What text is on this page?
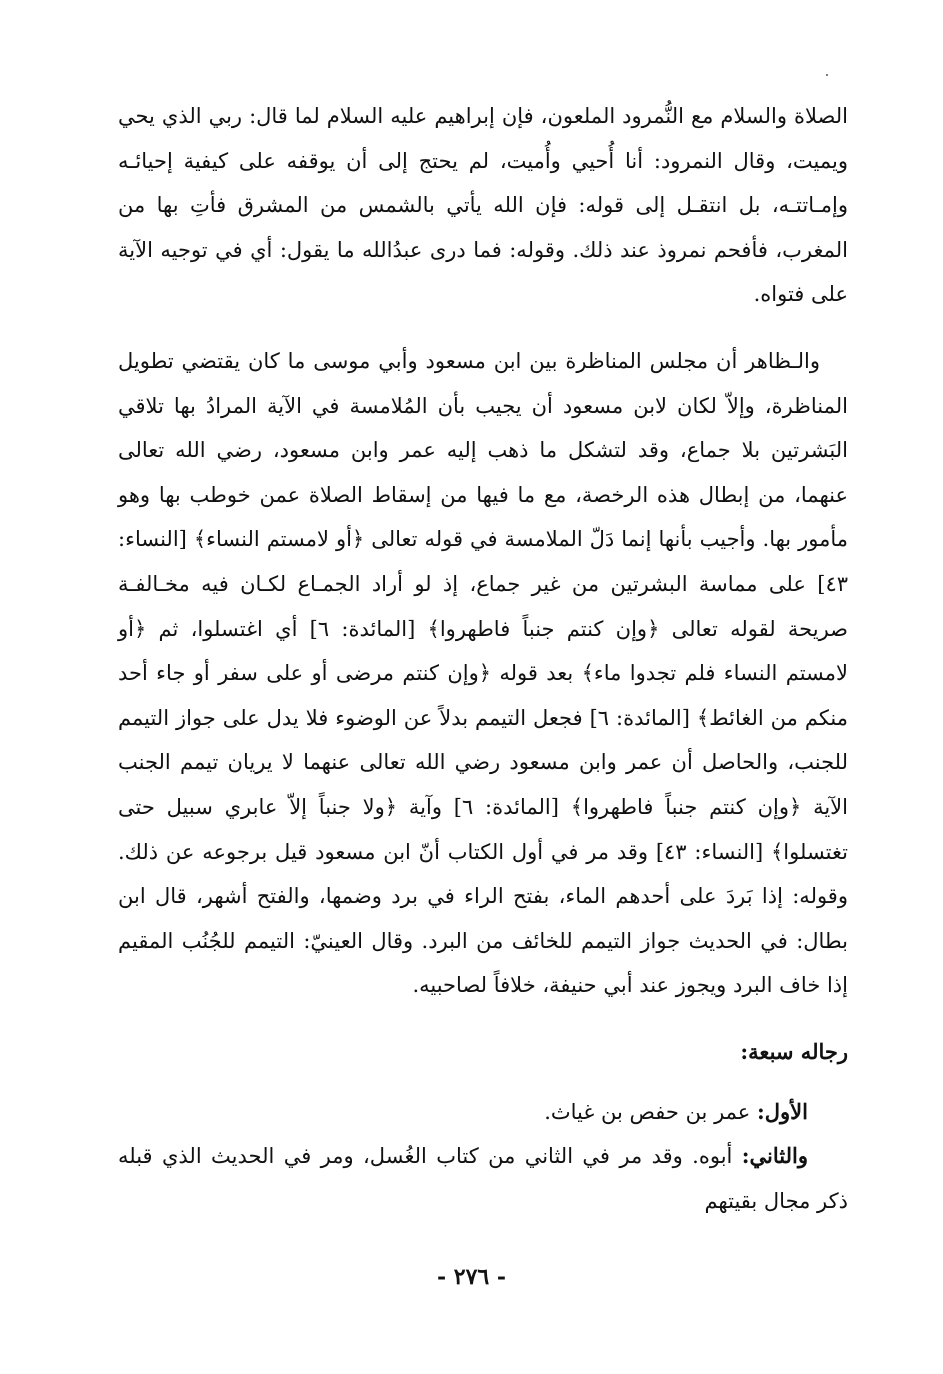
الصلاة والسلام مع النُّمرود الملعون، فإن إبراهيم عليه السلام لما قال: ربي الذي يحي ويميت، وقال النمرود: أنا أُحيي وأُميت، لم يحتج إلى أن يوقفه على كيفية إحيائـه وإمـاتتـه، بل انتقـل إلى قوله: فإن الله يأتي بالشمس من المشرق فأتِ بها من المغرب، فأفحم نمروذ عند ذلك. وقوله: فما درى عبدُالله ما يقول: أي في توجيه الآية على فتواه.

والـظاهر أن مجلس المناظرة بين ابن مسعود وأبي موسى ما كان يقتضي تطويل المناظرة، وإلاّ لكان لابن مسعود أن يجيب بأن المُلامسة في الآية المرادُ بها تلاقي البَشرتين بلا جماع، وقد لتشكل ما ذهب إليه عمر وابن مسعود، رضي الله تعالى عنهما، من إبطال هذه الرخصة، مع ما فيها من إسقاط الصلاة عمن خوطب بها وهو مأمور بها. وأجيب بأنها إنما دَلّ الملامسة في قوله تعالى ﴿أو لامستم النساء﴾ [النساء: ٤٣] على مماسة البشرتين من غير جماع، إذ لو أراد الجمـاع لكـان فيه مخـالفـة صريحة لقوله تعالى ﴿وإن كنتم جنباً فاطهروا﴾ [المائدة: ٦] أي اغتسلوا، ثم ﴿أو لامستم النساء فلم تجدوا ماء﴾ بعد قوله ﴿وإن كنتم مرضى أو على سفر أو جاء أحد منكم من الغائط﴾ [المائدة: ٦] فجعل التيمم بدلاً عن الوضوء فلا يدل على جواز التيمم للجنب، والحاصل أن عمر وابن مسعود رضي الله تعالى عنهما لا يريان تيمم الجنب الآية ﴿وإن كنتم جنباً فاطهروا﴾ [المائدة: ٦] وآية ﴿ولا جنباً إلاّ عابري سبيل حتى تغتسلوا﴾ [النساء: ٤٣] وقد مر في أول الكتاب أنّ ابن مسعود قيل برجوعه عن ذلك. وقوله: إذا بَردَ على أحدهم الماء، بفتح الراء في برد وضمها، والفتح أشهر، قال ابن بطال: في الحديث جواز التيمم للخائف من البرد. وقال العينيّ: التيمم للجُنُب المقيم إذا خاف البرد ويجوز عند أبي حنيفة، خلافاً لصاحبيه.

رجاله سبعة:

الأول: عمر بن حفص بن غياث.

والثاني: أبوه. وقد مر في الثاني من كتاب الغُسل، ومر في الحديث الذي قبله ذكر مجال بقيتهم

- ٢٧٦ -
